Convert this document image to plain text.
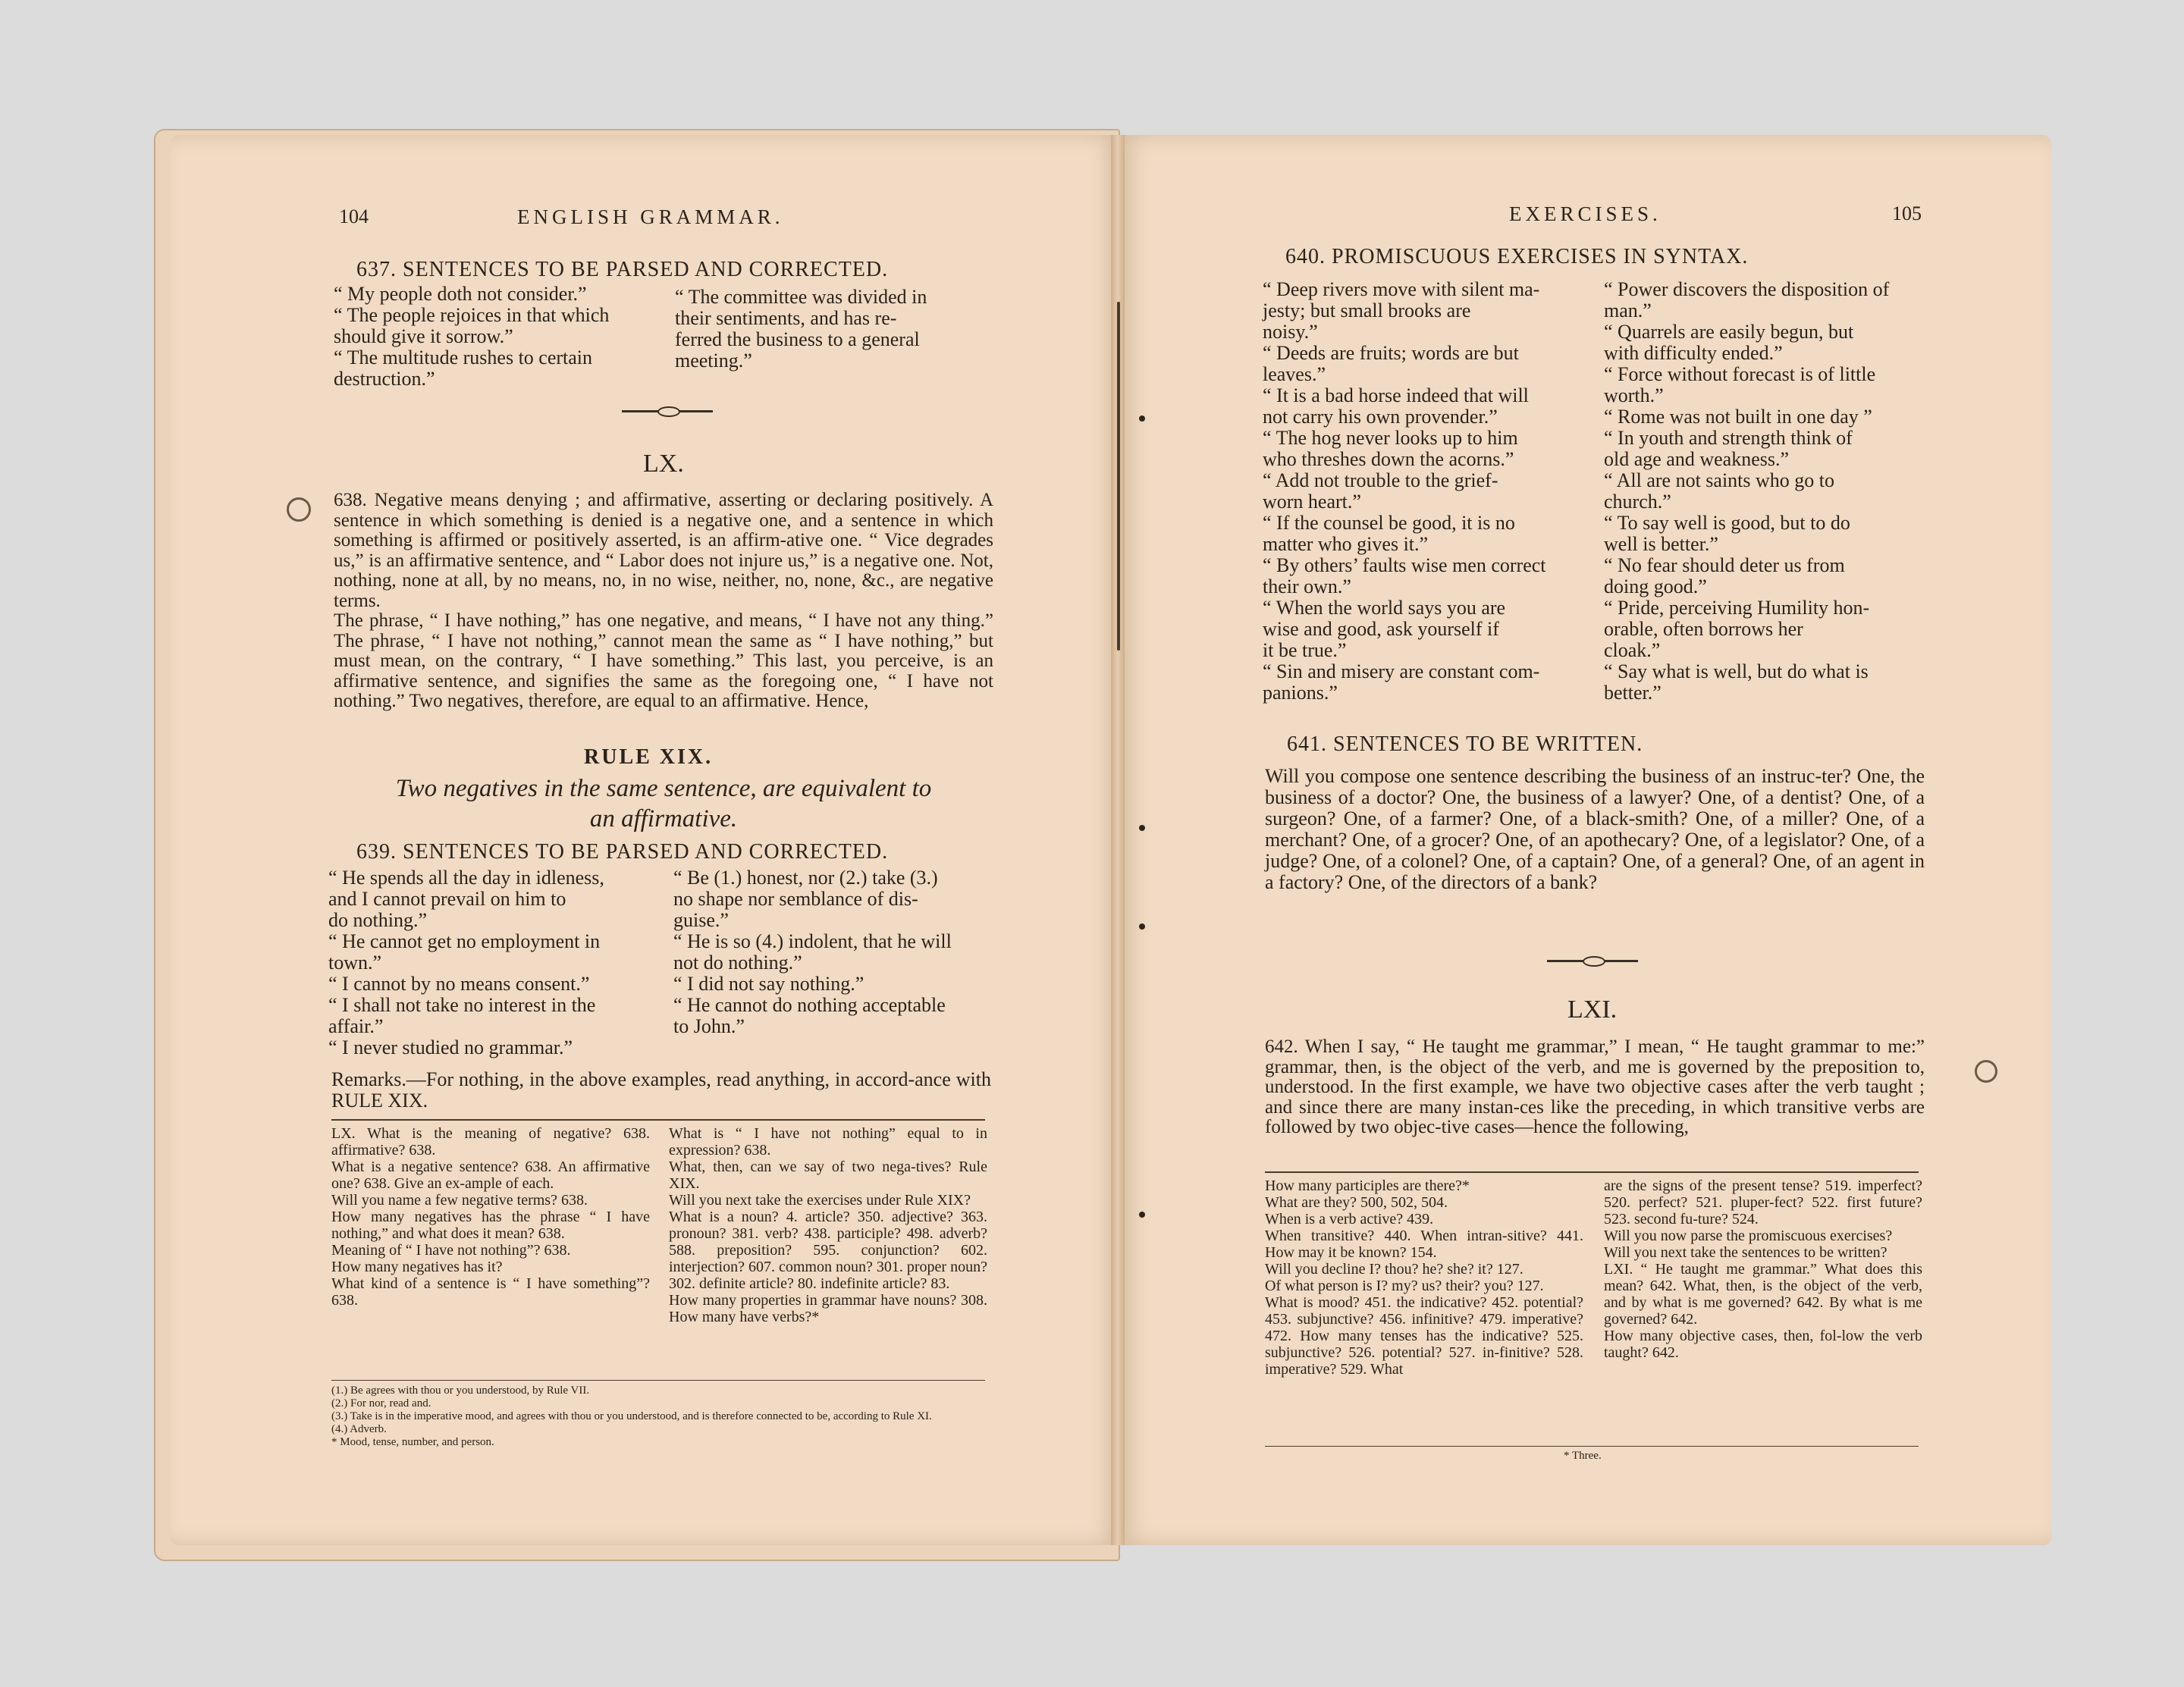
104	ENGLISH GRAMMAR.
637. SENTENCES TO BE PARSED AND CORRECTED.
“ My people doth not consider.”
“ The people rejoices in that which
should give it sorrow.”
“ The multitude rushes to certain
destruction.”
“ The committee was divided in
their sentiments, and has re-
ferred the business to a general
meeting.”
LX.
638. Negative means denying ; and affirmative, asserting or declaring positively. A sentence in which something is denied is a negative one, and a sentence in which something is affirmed or positively asserted, is an affirm-ative one. “ Vice degrades us,” is an affirmative sentence, and “ Labor does not injure us,” is a negative one. Not, nothing, none at all, by no means, no, in no wise, neither, no, none, &c., are negative terms.
The phrase, “ I have nothing,” has one negative, and means, “ I have not any thing.” The phrase, “ I have not nothing,” cannot mean the same as “ I have nothing,” but must mean, on the contrary, “ I have something.” This last, you perceive, is an affirmative sentence, and signifies the same as the foregoing one, “ I have not nothing.” Two negatives, therefore, are equal to an affirmative. Hence,
RULE XIX.
Two negatives in the same sentence, are equivalent to
an affirmative.
639. SENTENCES TO BE PARSED AND CORRECTED.
“ He spends all the day in idleness,
and I cannot prevail on him to
do nothing.”
“ He cannot get no employment in
town.”
“ I cannot by no means consent.”
“ I shall not take no interest in the
affair.”
“ I never studied no grammar.”
“ Be (1.) honest, nor (2.) take (3.)
no shape nor semblance of dis-
guise.”
“ He is so (4.) indolent, that he will
not do nothing.”
“ I did not say nothing.”
“ He cannot do nothing acceptable
to John.”
Remarks.—For nothing, in the above examples, read anything, in accord-ance with RULE XIX.
LX. What is the meaning of negative? 638. affirmative? 638.
What is a negative sentence? 638. An affirmative one? 638. Give an ex-ample of each.
Will you name a few negative terms? 638.
How many negatives has the phrase “ I have nothing,” and what does it mean? 638.
Meaning of “ I have not nothing”? 638.
How many negatives has it?
What kind of a sentence is “ I have something”? 638.
What is “ I have not nothing” equal to in expression? 638.
What, then, can we say of two nega-tives? Rule XIX.
Will you next take the exercises under Rule XIX?
What is a noun? 4. article? 350. adjective? 363. pronoun? 381. verb? 438. participle? 498. adverb? 588. preposition? 595. conjunction? 602. interjection? 607. common noun? 301. proper noun? 302. definite article? 80. indefinite article? 83.
How many properties in grammar have nouns? 308. How many have verbs?*
(1.) Be agrees with thou or you understood, by Rule VII.
(2.) For nor, read and.
(3.) Take is in the imperative mood, and agrees with thou or you understood, and is therefore connected to be, according to Rule XI.
(4.) Adverb.
* Mood, tense, number, and person.
EXERCISES.	105
640. PROMISCUOUS EXERCISES IN SYNTAX.
“ Deep rivers move with silent ma-
jesty; but small brooks are
noisy.”
“ Deeds are fruits; words are but
leaves.”
“ It is a bad horse indeed that will
not carry his own provender.”
“ The hog never looks up to him
who threshes down the acorns.”
“ Add not trouble to the grief-
worn heart.”
“ If the counsel be good, it is no
matter who gives it.”
“ By others’ faults wise men correct
their own.”
“ When the world says you are
wise and good, ask yourself if
it be true.”
“ Sin and misery are constant com-
panions.”
“ Power discovers the disposition of
man.”
“ Quarrels are easily begun, but
with difficulty ended.”
“ Force without forecast is of little
worth.”
“ Rome was not built in one day ”
“ In youth and strength think of
old age and weakness.”
“ All are not saints who go to
church.”
“ To say well is good, but to do
well is better.”
“ No fear should deter us from
doing good.”
“ Pride, perceiving Humility hon-
orable, often borrows her
cloak.”
“ Say what is well, but do what is
better.”
641. SENTENCES TO BE WRITTEN.
Will you compose one sentence describing the business of an instruc-ter? One, the business of a doctor? One, the business of a lawyer? One, of a dentist? One, of a surgeon? One, of a farmer? One, of a black-smith? One, of a miller? One, of a merchant? One, of a grocer? One, of an apothecary? One, of a legislator? One, of a judge? One, of a colonel? One, of a captain? One, of a general? One, of an agent in a factory? One, of the directors of a bank?
LXI.
642. When I say, “ He taught me grammar,” I mean, “ He taught grammar to me:” grammar, then, is the object of the verb, and me is governed by the preposition to, understood. In the first example, we have two objective cases after the verb taught ; and since there are many instan-ces like the preceding, in which transitive verbs are followed by two objec-tive cases—hence the following,
How many participles are there?*
What are they? 500, 502, 504.
When is a verb active? 439.
When transitive? 440. When intran-sitive? 441. How may it be known? 154.
Will you decline I? thou? he? she? it? 127.
Of what person is I? my? us? their? you? 127.
What is mood? 451. the indicative? 452. potential? 453. subjunctive? 456. infinitive? 479. imperative? 472. How many tenses has the indicative? 525. subjunctive? 526. potential? 527. in-finitive? 528. imperative? 529. What
are the signs of the present tense? 519. imperfect? 520. perfect? 521. pluper-fect? 522. first future? 523. second fu-ture? 524.
Will you now parse the promiscuous exercises?
Will you next take the sentences to be written?
LXI. “ He taught me grammar.” What does this mean? 642. What, then, is the object of the verb, and by what is me governed? 642. By what is me governed? 642.
How many objective cases, then, fol-low the verb taught? 642.
* Three.
